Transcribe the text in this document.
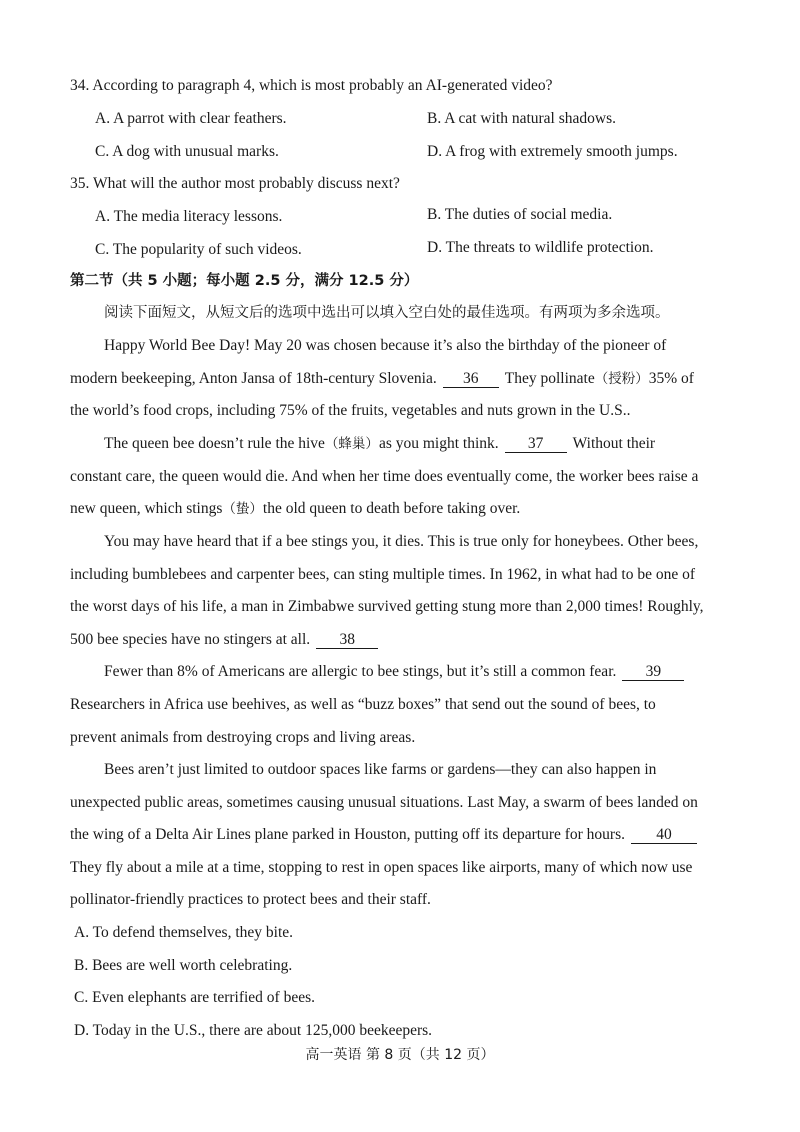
34. According to paragraph 4, which is most probably an AI-generated video?
A. A parrot with clear feathers.	B. A cat with natural shadows.
C. A dog with unusual marks.	D. A frog with extremely smooth jumps.
35. What will the author most probably discuss next?
A. The media literacy lessons.	B. The duties of social media.
C. The popularity of such videos.	D. The threats to wildlife protection.
第二节（共 5 小题；每小题 2.5 分，满分 12.5 分）
阅读下面短文，从短文后的选项中选出可以填入空白处的最佳选项。有两项为多余选项。
Happy World Bee Day! May 20 was chosen because it’s also the birthday of the pioneer of
modern beekeeping, Anton Jansa of 18th-century Slovenia. 36 They pollinate（授粉）35% of
the world’s food crops, including 75% of the fruits, vegetables and nuts grown in the U.S..
The queen bee doesn’t rule the hive（蜂巢）as you might think. 37 Without their
constant care, the queen would die. And when her time does eventually come, the worker bees raise a
new queen, which stings（蛰）the old queen to death before taking over.
You may have heard that if a bee stings you, it dies. This is true only for honeybees. Other bees,
including bumblebees and carpenter bees, can sting multiple times. In 1962, in what had to be one of
the worst days of his life, a man in Zimbabwe survived getting stung more than 2,000 times! Roughly,
500 bee species have no stingers at all. 38
Fewer than 8% of Americans are allergic to bee stings, but it’s still a common fear. 39
Researchers in Africa use beehives, as well as “buzz boxes” that send out the sound of bees, to
prevent animals from destroying crops and living areas.
Bees aren’t just limited to outdoor spaces like farms or gardens—they can also happen in
unexpected public areas, sometimes causing unusual situations. Last May, a swarm of bees landed on
the wing of a Delta Air Lines plane parked in Houston, putting off its departure for hours. 40
They fly about a mile at a time, stopping to rest in open spaces like airports, many of which now use
pollinator-friendly practices to protect bees and their staff.
A. To defend themselves, they bite.
B. Bees are well worth celebrating.
C. Even elephants are terrified of bees.
D. Today in the U.S., there are about 125,000 beekeepers.
高一英语 第 8 页（共 12 页）
